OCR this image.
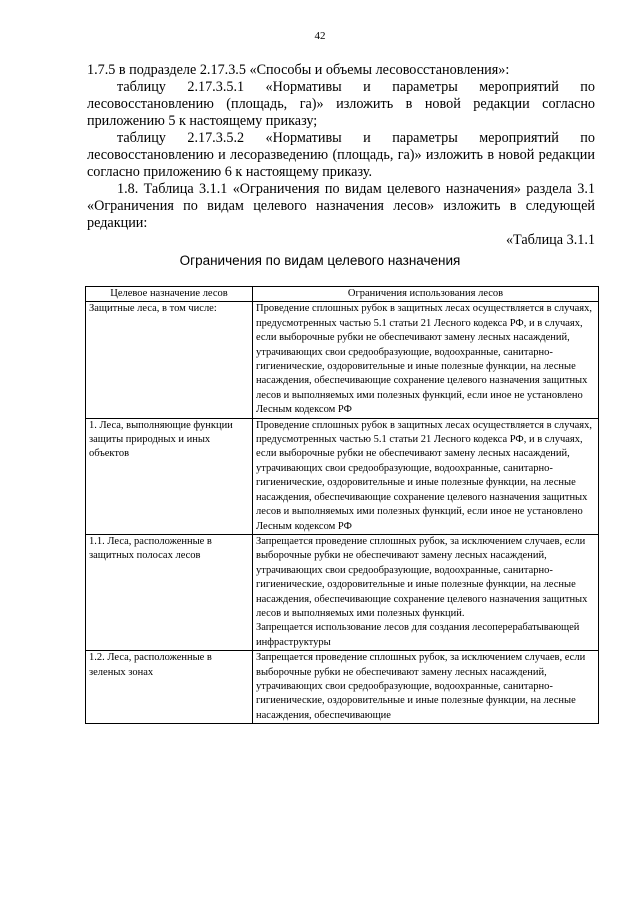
42

1.7.5 в подразделе 2.17.3.5 «Способы и объемы лесовосстановления»:

таблицу 2.17.3.5.1 «Нормативы и параметры мероприятий по лесовосстановлению (площадь, га)» изложить в новой редакции согласно приложению 5 к настоящему приказу;

таблицу 2.17.3.5.2 «Нормативы и параметры мероприятий по лесовосстановлению и лесоразведению (площадь, га)» изложить в новой редакции согласно приложению 6 к настоящему приказу.

1.8. Таблица 3.1.1 «Ограничения по видам целевого назначения» раздела 3.1 «Ограничения по видам целевого назначения лесов» изложить в следующей редакции:

«Таблица 3.1.1

Ограничения по видам целевого назначения
Целевое назначение лесов	Ограничения использования лесов
Защитные леса, в том числе:	Проведение сплошных рубок в защитных лесах осуществляется в случаях, предусмотренных частью 5.1 статьи 21 Лесного кодекса РФ, и в случаях, если выборочные рубки не обеспечивают замену лесных насаждений, утрачивающих свои средообразующие, водоохранные, санитарно-гигиенические, оздоровительные и иные полезные функции, на лесные насаждения, обеспечивающие сохранение целевого назначения защитных лесов и выполняемых ими полезных функций, если иное не установлено Лесным кодексом РФ

1. Леса, выполняющие функции защиты природных и иных объектов	Проведение сплошных рубок в защитных лесах осуществляется в случаях, предусмотренных частью 5.1 статьи 21 Лесного кодекса РФ, и в случаях, если выборочные рубки не обеспечивают замену лесных насаждений, утрачивающих свои средообразующие, водоохранные, санитарно-гигиенические, оздоровительные и иные полезные функции, на лесные насаждения, обеспечивающие сохранение целевого назначения защитных лесов и выполняемых ими полезных функций, если иное не установлено Лесным кодексом РФ

1.1. Леса, расположенные в защитных полосах лесов	Запрещается проведение сплошных рубок, за исключением случаев, если выборочные рубки не обеспечивают замену лесных насаждений, утрачивающих свои средообразующие, водоохранные, санитарно-гигиенические, оздоровительные и иные полезные функции, на лесные насаждения, обеспечивающие сохранение целевого назначения защитных лесов и выполняемых ими полезных функций.
Запрещается использование лесов для создания лесоперерабатывающей инфраструктуры

1.2. Леса, расположенные в зеленых зонах	Запрещается проведение сплошных рубок, за исключением случаев, если выборочные рубки не обеспечивают замену лесных насаждений, утрачивающих свои средообразующие, водоохранные, санитарно-гигиенические, оздоровительные и иные полезные функции, на лесные насаждения, обеспечивающие
